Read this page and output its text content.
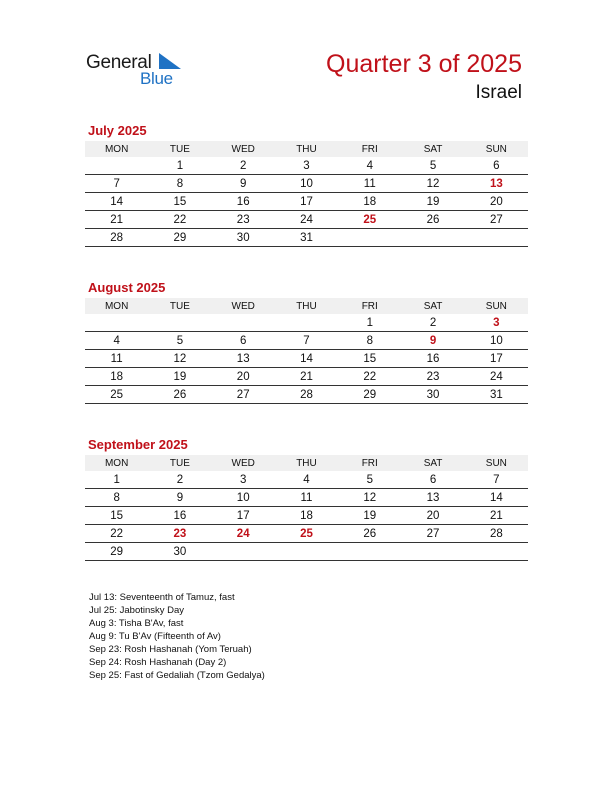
General
Blue
Quarter 3 of 2025
Israel
July 2025
MON	TUE	WED	THU	FRI	SAT	SUN
	1	2	3	4	5	6
7	8	9	10	11	12	13
14	15	16	17	18	19	20
21	22	23	24	25	26	27
28	29	30	31			
August 2025
MON	TUE	WED	THU	FRI	SAT	SUN
				1	2	3
4	5	6	7	8	9	10
11	12	13	14	15	16	17
18	19	20	21	22	23	24
25	26	27	28	29	30	31
September 2025
MON	TUE	WED	THU	FRI	SAT	SUN
1	2	3	4	5	6	7
8	9	10	11	12	13	14
15	16	17	18	19	20	21
22	23	24	25	26	27	28
29	30					
Jul 13: Seventeenth of Tamuz, fast
Jul 25: Jabotinsky Day
Aug 3: Tisha B'Av, fast
Aug 9: Tu B'Av (Fifteenth of Av)
Sep 23: Rosh Hashanah (Yom Teruah)
Sep 24: Rosh Hashanah (Day 2)
Sep 25: Fast of Gedaliah (Tzom Gedalya)
